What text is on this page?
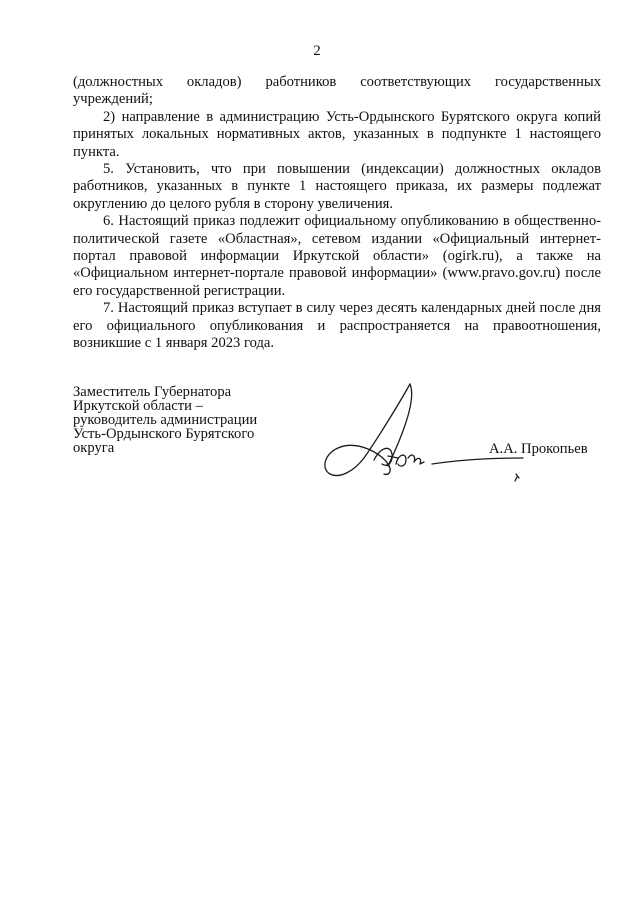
2

(должностных окладов) работников соответствующих государственных учреждений;

2) направление в администрацию Усть-Ордынского Бурятского округа копий принятых локальных нормативных актов, указанных в подпункте 1 настоящего пункта.

5. Установить, что при повышении (индексации) должностных окладов работников, указанных в пункте 1 настоящего приказа, их размеры подлежат округлению до целого рубля в сторону увеличения.

6. Настоящий приказ подлежит официальному опубликованию в общественно-политической газете «Областная», сетевом издании «Официальный интернет-портал правовой информации Иркутской области» (ogirk.ru), а также на «Официальном интернет-портале правовой информации» (www.pravo.gov.ru) после его государственной регистрации.

7. Настоящий приказ вступает в силу через десять календарных дней после дня его официального опубликования и распространяется на правоотношения, возникшие с 1 января 2023 года.

Заместитель Губернатора
Иркутской области –
руководитель администрации
Усть-Ордынского Бурятского
округа	А.А. Прокопьев
